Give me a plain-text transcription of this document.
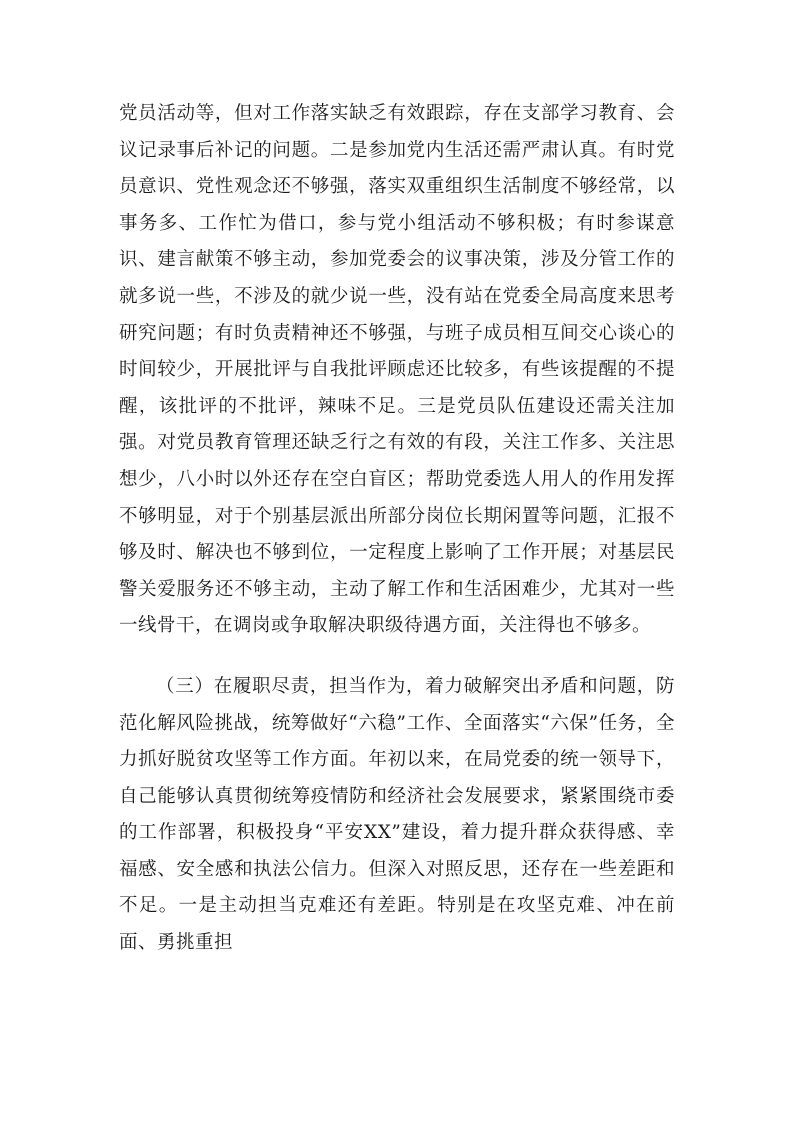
党员活动等，但对工作落实缺乏有效跟踪，存在支部学习教育、会议记录事后补记的问题。二是参加党内生活还需严肃认真。有时党员意识、党性观念还不够强，落实双重组织生活制度不够经常，以事务多、工作忙为借口，参与党小组活动不够积极；有时参谋意识、建言献策不够主动，参加党委会的议事决策，涉及分管工作的就多说一些，不涉及的就少说一些，没有站在党委全局高度来思考研究问题；有时负责精神还不够强，与班子成员相互间交心谈心的时间较少，开展批评与自我批评顾虑还比较多，有些该提醒的不提醒，该批评的不批评，辣味不足。三是党员队伍建设还需关注加强。对党员教育管理还缺乏行之有效的有段，关注工作多、关注思想少，八小时以外还存在空白盲区；帮助党委选人用人的作用发挥不够明显，对于个别基层派出所部分岗位长期闲置等问题，汇报不够及时、解决也不够到位，一定程度上影响了工作开展；对基层民警关爱服务还不够主动，主动了解工作和生活困难少，尤其对一些一线骨干，在调岗或争取解决职级待遇方面，关注得也不够多。

（三）在履职尽责，担当作为，着力破解突出矛盾和问题，防范化解风险挑战，统筹做好“六稳”工作、全面落实“六保”任务，全力抓好脱贫攻坚等工作方面。年初以来，在局党委的统一领导下，自己能够认真贯彻统筹疫情防和经济社会发展要求，紧紧围绕市委的工作部署，积极投身“平安XX”建设，着力提升群众获得感、幸福感、安全感和执法公信力。但深入对照反思，还存在一些差距和不足。一是主动担当克难还有差距。特别是在攻坚克难、冲在前面、勇挑重担
